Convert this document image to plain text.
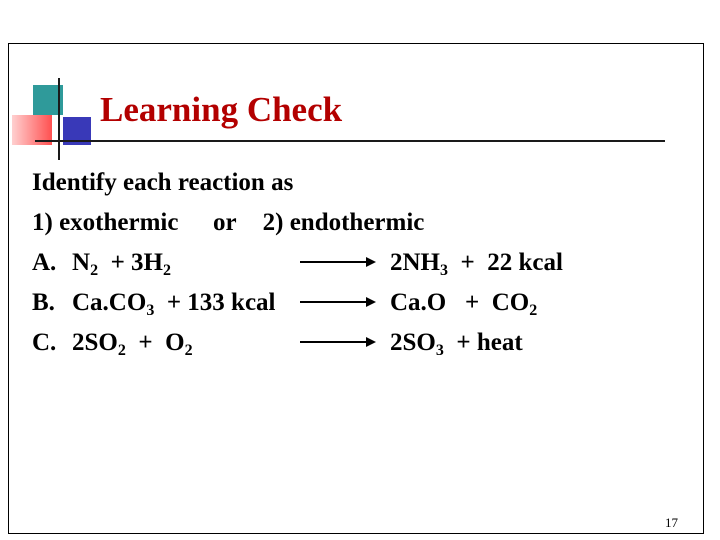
Learning Check
Identify each reaction as
1) exothermic or 2) endothermic
A. $N_2 + 3H_2$	$2NH_3 + 22$ kcal
B. $Ca.CO_3 + 133$ kcal	$Ca.O + CO_2$
C. $2SO_2 + O_2$	$2SO_3$  + heat
17
